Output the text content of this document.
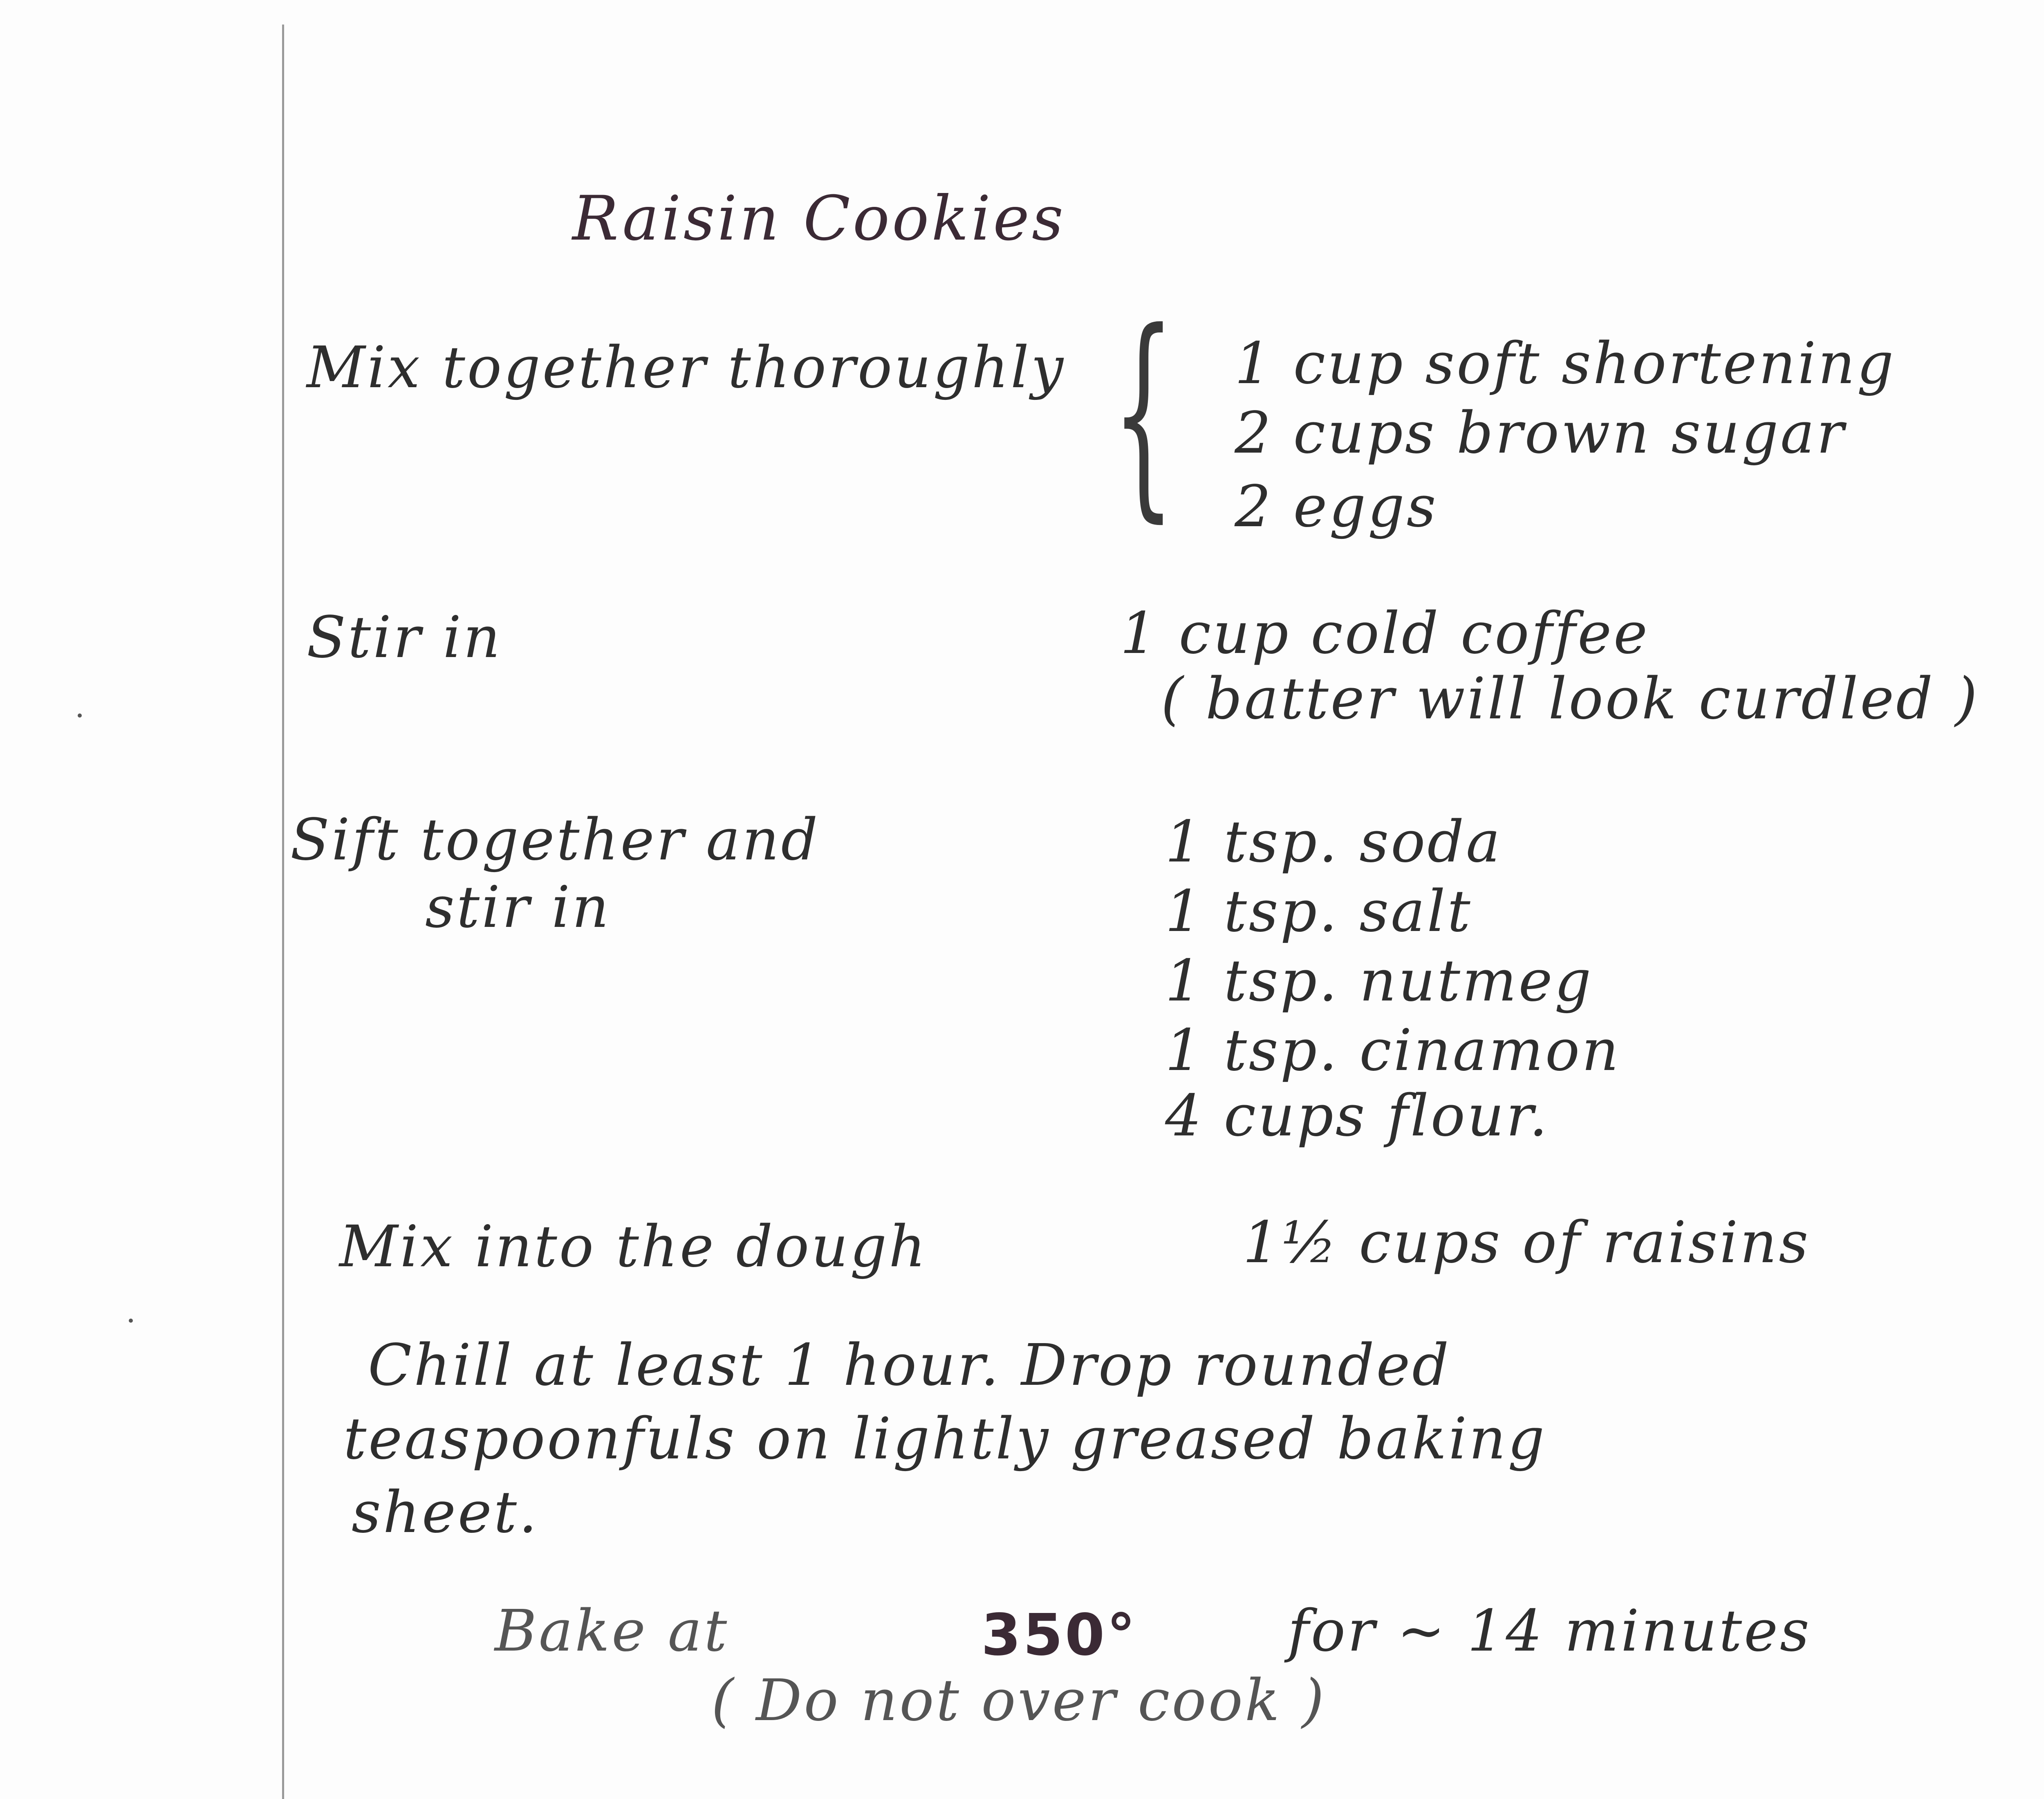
Raisin Cookies
Mix together thoroughly { 1 cup soft shortening
2 cups brown sugar
2 eggs
Stir in	1 cup cold coffee
( batter will look curdled )
Sift together and
stir in
1 tsp. soda
1 tsp. salt
1 tsp. nutmeg
1 tsp. cinamon
4 cups flour.
Mix into the dough	1½ cups of raisins
Chill at least 1 hour. Drop rounded
teaspoonfuls on lightly greased baking
sheet.
Bake at	350°	for ~ 14 minutes
( Do not over cook )
